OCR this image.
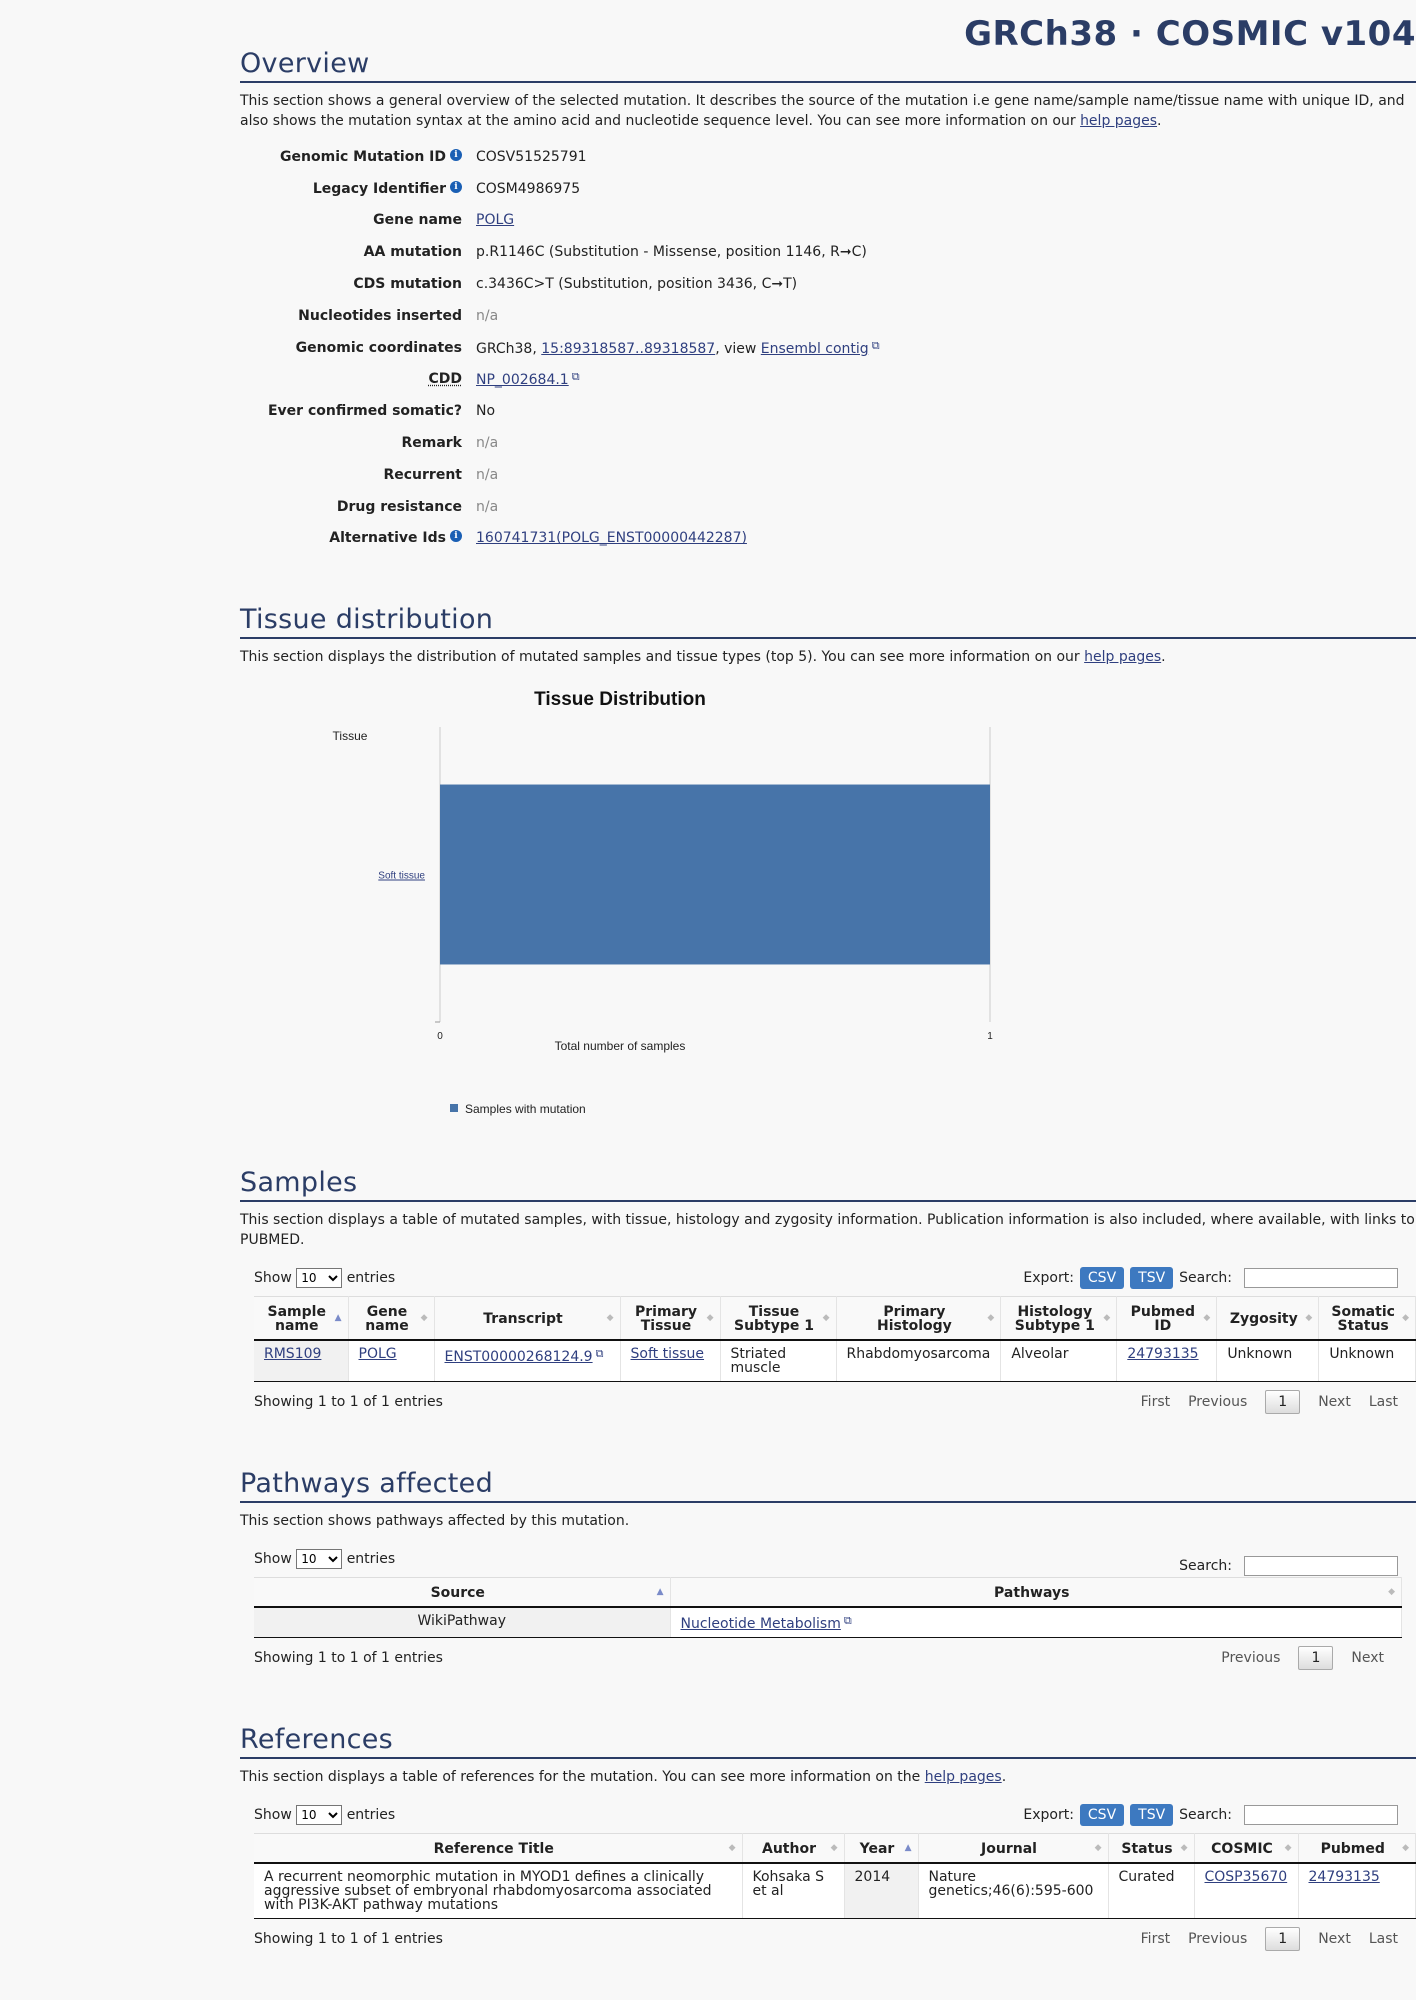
GRCh38 · COSMIC v104
Overview

This section shows a general overview of the selected mutation. It describes the source of the mutation i.e gene name/sample name/tissue name with unique ID, and also shows the mutation syntax at the amino acid and nucleotide sequence level. You can see more information on our help pages.

Genomic Mutation ID i	COSV51525791
Legacy Identifier i	COSM4986975
Gene name	POLG
AA mutation	p.R1146C (Substitution - Missense, position 1146, R➞C)
CDS mutation	c.3436C>T (Substitution, position 3436, C➞T)
Nucleotides inserted	n/a
Genomic coordinates	GRCh38, 15:89318587..89318587, view Ensembl contig ⧉
CDD	NP_002684.1 ⧉
Ever confirmed somatic?	No
Remark	n/a
Recurrent	n/a
Drug resistance	n/a
Alternative Ids i	160741731(POLG_ENST00000442287)
Tissue distribution

This section displays the distribution of mutated samples and tissue types (top 5). You can see more information on our help pages.

Tissue Distribution
Tissue
Total number of samples
0	1
Soft tissue
Samples with mutation
Samples

This section displays a table of mutated samples, with tissue, histology and zygosity information. Publication information is also included, where available, with links to PUBMED.

Show
10	entries	Export:	CSV	TSV	Search:
Sample name ▲	Gene name ◆	Transcript ◆	Primary Tissue ◆	Tissue Subtype 1 ◆	Primary Histology ◆	Histology Subtype 1 ◆	Pubmed ID ◆	Zygosity ◆	Somatic Status ◆

RMS109	POLG	ENST00000268124.9 ⧉	Soft tissue	Striated muscle	Rhabdomyosarcoma	Alveolar	24793135	Unknown	Unknown
Showing 1 to 1 of 1 entries	First Previous	1	Next Last
Pathways affected

This section shows pathways affected by this mutation.

Show
10	entries	Search:
Source ▲	Pathways ◆

WikiPathway	Nucleotide Metabolism ⧉
Showing 1 to 1 of 1 entries	Previous	1	Next
References

This section displays a table of references for the mutation. You can see more information on the help pages.

Show
10	entries	Export:	CSV	TSV	Search:
Reference Title ◆	Author ◆	Year ▲	Journal ◆	Status ◆	COSMIC ◆	Pubmed ◆

A recurrent neomorphic mutation in MYOD1 defines a clinically aggressive subset of embryonal rhabdomyosarcoma associated with PI3K-AKT pathway mutations	Kohsaka S et al	2014	Nature genetics;46(6):595-600	Curated	COSP35670	24793135
Showing 1 to 1 of 1 entries	First Previous	1	Next Last
